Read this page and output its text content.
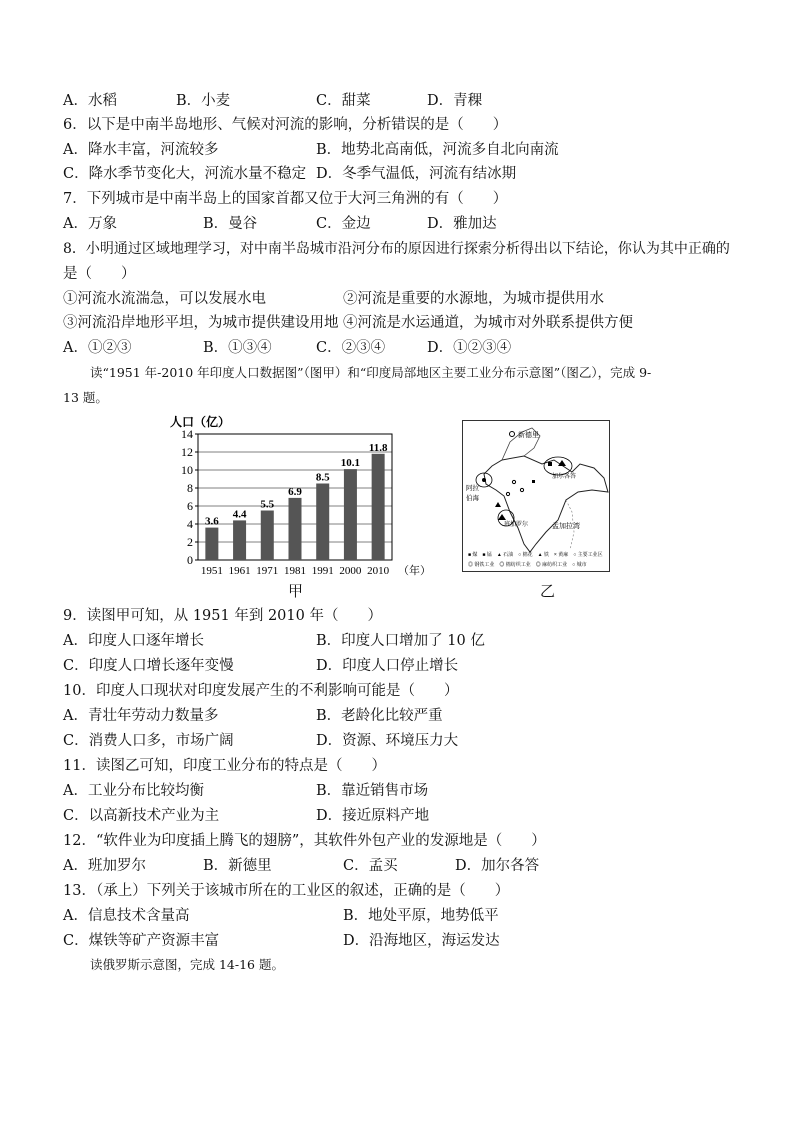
A．水稻	B．小麦	C．甜菜	D．青稞
6．以下是中南半岛地形、气候对河流的影响，分析错误的是（　　）
A．降水丰富，河流较多	B．地势北高南低，河流多自北向南流
C．降水季节变化大，河流水量不稳定 D．冬季气温低，河流有结冰期
7．下列城市是中南半岛上的国家首都又位于大河三角洲的有（　　）
A．万象	B．曼谷	C．金边	D．雅加达
8．小明通过区域地理学习，对中南半岛城市沿河分布的原因进行探索分析得出以下结论，你认为其中正确的
是（　　）
①河流水流湍急，可以发展水电	②河流是重要的水源地，为城市提供用水
③河流沿岸地形平坦，为城市提供建设用地 ④河流是水运通道，为城市对外联系提供方便
A．①②③	B．①③④	C．②③④	D．①②③④
读“1951 年-2010 年印度人口数据图”（图甲）和“印度局部地区主要工业分布示意图”（图乙），完成 9-
13 题。
0
2
4
6
8
10
12
14
人口（亿）
3.6
1951
4.4
1961
5.5
1971
6.9
1981
8.5
1991
10.1
2000
11.8
2010 （年）
甲
新德里
阿拉
伯海
孟加拉湾
加尔各答
班加罗尔
■ 煤　■ 锰　▲ 石油　○ 棉花　▲ 铁　× 黄麻　○ 主要工业区
◎ 钢铁工业　◎ 棉纺织工业　◎ 麻纺织工业　○ 城市
乙
9．读图甲可知，从 1951 年到 2010 年（　　）
A．印度人口逐年增长	B．印度人口增加了 10 亿
C．印度人口增长逐年变慢	D．印度人口停止增长
10．印度人口现状对印度发展产生的不利影响可能是（　　）
A．青壮年劳动力数量多	B．老龄化比较严重
C．消费人口多，市场广阔	D．资源、环境压力大
11．读图乙可知，印度工业分布的特点是（　　）
A．工业分布比较均衡	B．靠近销售市场
C．以高新技术产业为主	D．接近原料产地
12．“软件业为印度插上腾飞的翅膀”，其软件外包产业的发源地是（　　）
A．班加罗尔	B．新德里	C．孟买	D．加尔各答
13．（承上）下列关于该城市所在的工业区的叙述，正确的是（　　）
A．信息技术含量高	B．地处平原，地势低平
C．煤铁等矿产资源丰富	D．沿海地区，海运发达
读俄罗斯示意图，完成 14-16 题。
